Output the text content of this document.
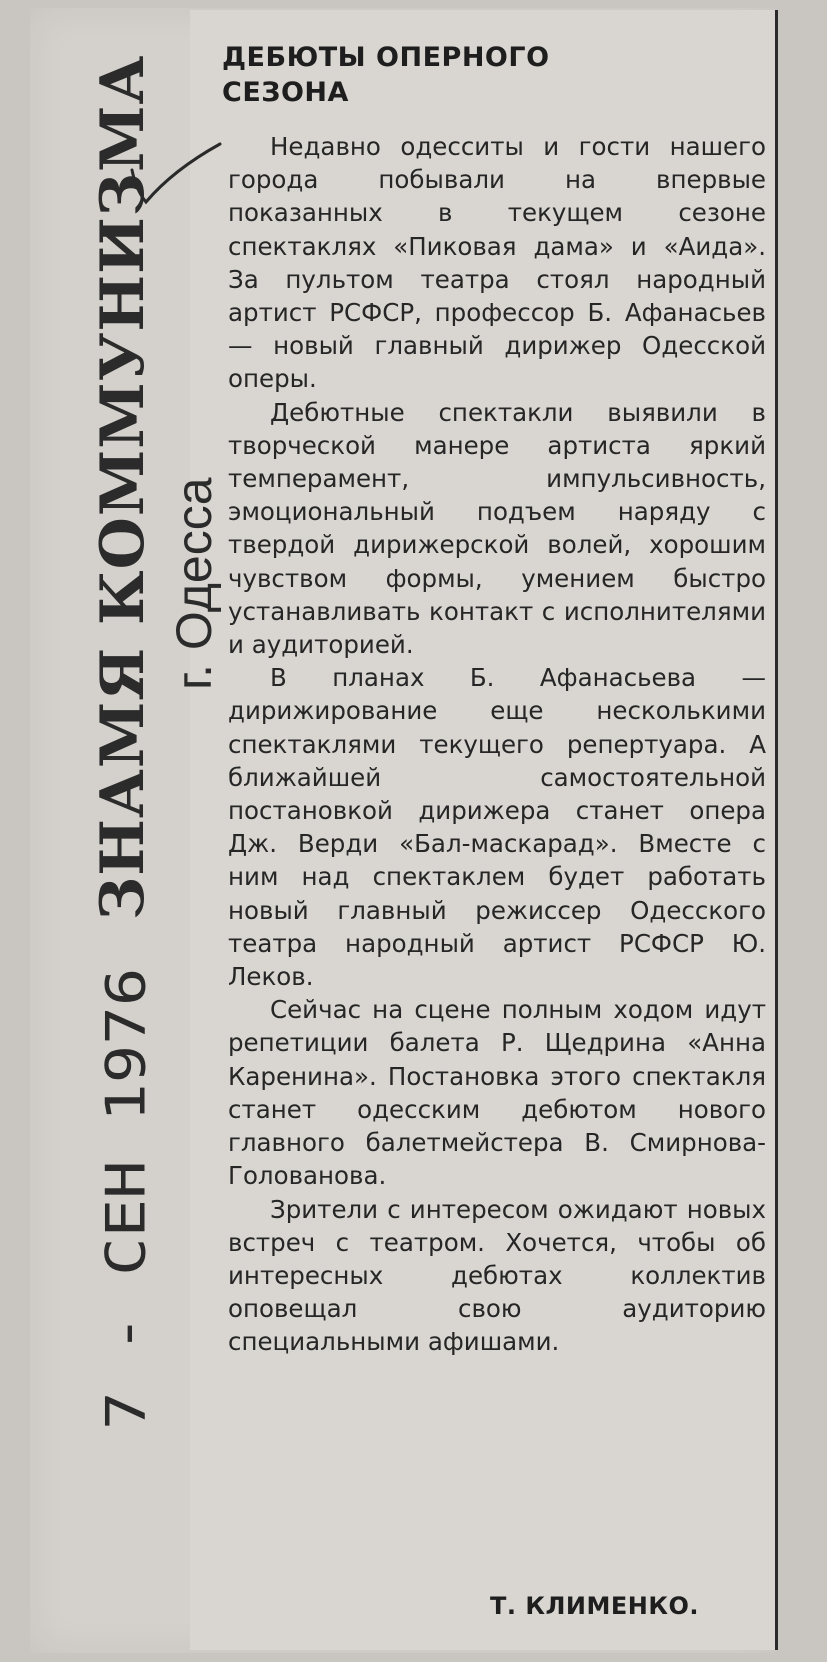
ЗНАМЯ КОММУНИЗМА г. Одесса
7 - СЕН 1976
ДЕБЮТЫ ОПЕРНОГО СЕЗОНА

Недавно одесситы и гости нашего города побывали на впервые показанных в текущем сезоне спектаклях «Пиковая дама» и «Аида». За пультом театра стоял народный артист РСФСР, профессор Б. Афанасьев — новый главный дирижер Одесской оперы.

Дебютные спектакли выявили в творческой манере артиста яркий темперамент, импульсивность, эмоциональный подъем наряду с твердой дирижерской волей, хорошим чувством формы, умением быстро устанавливать контакт с исполнителями и аудиторией.

В планах Б. Афанасьева — дирижирование еще несколькими спектаклями текущего репертуара. А ближайшей самостоятельной постановкой дирижера станет опера Дж. Верди «Бал-маскарад». Вместе с ним над спектаклем будет работать новый главный режиссер Одесского театра народный артист РСФСР Ю. Леков.

Сейчас на сцене полным ходом идут репетиции балета Р. Щедрина «Анна Каренина». Постановка этого спектакля станет одесским дебютом нового главного балетмейстера В. Смирнова-Голованова.

Зрители с интересом ожидают новых встреч с театром. Хочется, чтобы об интересных дебютах коллектив оповещал свою аудиторию специальными афишами.

Т. КЛИМЕНКО.
